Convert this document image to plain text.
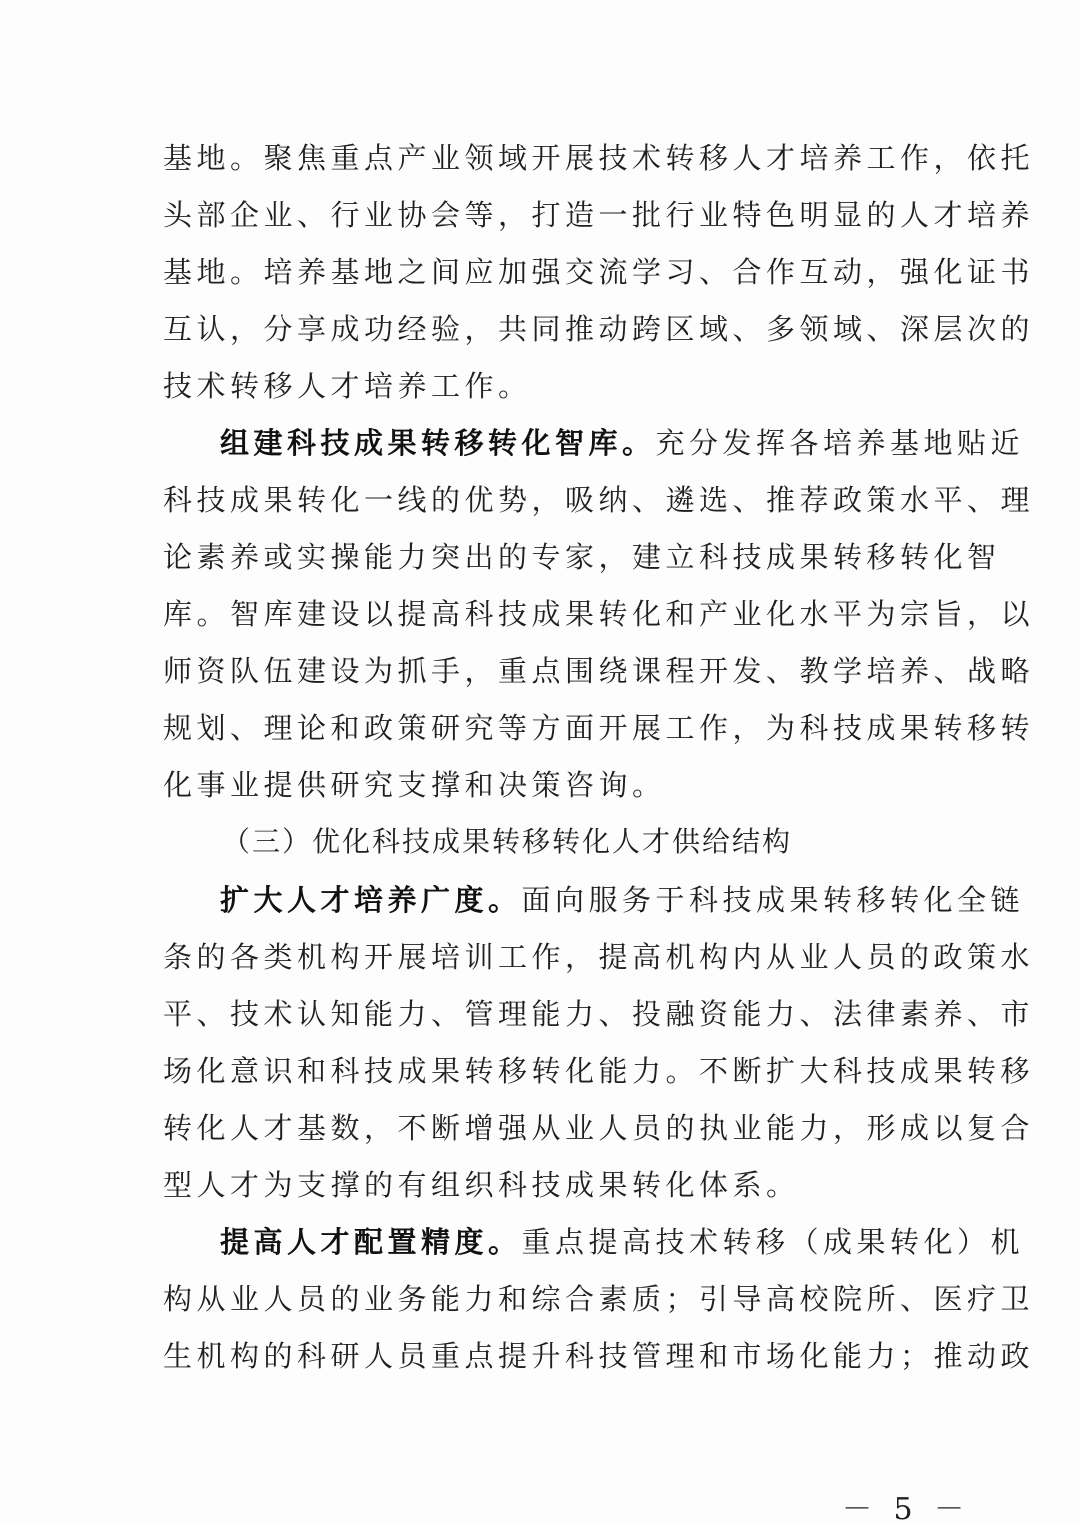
基地。聚焦重点产业领域开展技术转移人才培养工作，依托
头部企业、行业协会等，打造一批行业特色明显的人才培养
基地。培养基地之间应加强交流学习、合作互动，强化证书
互认，分享成功经验，共同推动跨区域、多领域、深层次的
技术转移人才培养工作。
组建科技成果转移转化智库。充分发挥各培养基地贴近
科技成果转化一线的优势，吸纳、遴选、推荐政策水平、理
论素养或实操能力突出的专家，建立科技成果转移转化智
库。智库建设以提高科技成果转化和产业化水平为宗旨，以
师资队伍建设为抓手，重点围绕课程开发、教学培养、战略
规划、理论和政策研究等方面开展工作，为科技成果转移转
化事业提供研究支撑和决策咨询。
（三）优化科技成果转移转化人才供给结构
扩大人才培养广度。面向服务于科技成果转移转化全链
条的各类机构开展培训工作，提高机构内从业人员的政策水
平、技术认知能力、管理能力、投融资能力、法律素养、市
场化意识和科技成果转移转化能力。不断扩大科技成果转移
转化人才基数，不断增强从业人员的执业能力，形成以复合
型人才为支撑的有组织科技成果转化体系。
提高人才配置精度。重点提高技术转移（成果转化）机
构从业人员的业务能力和综合素质；引导高校院所、医疗卫
生机构的科研人员重点提升科技管理和市场化能力；推动政
－ 5 －
